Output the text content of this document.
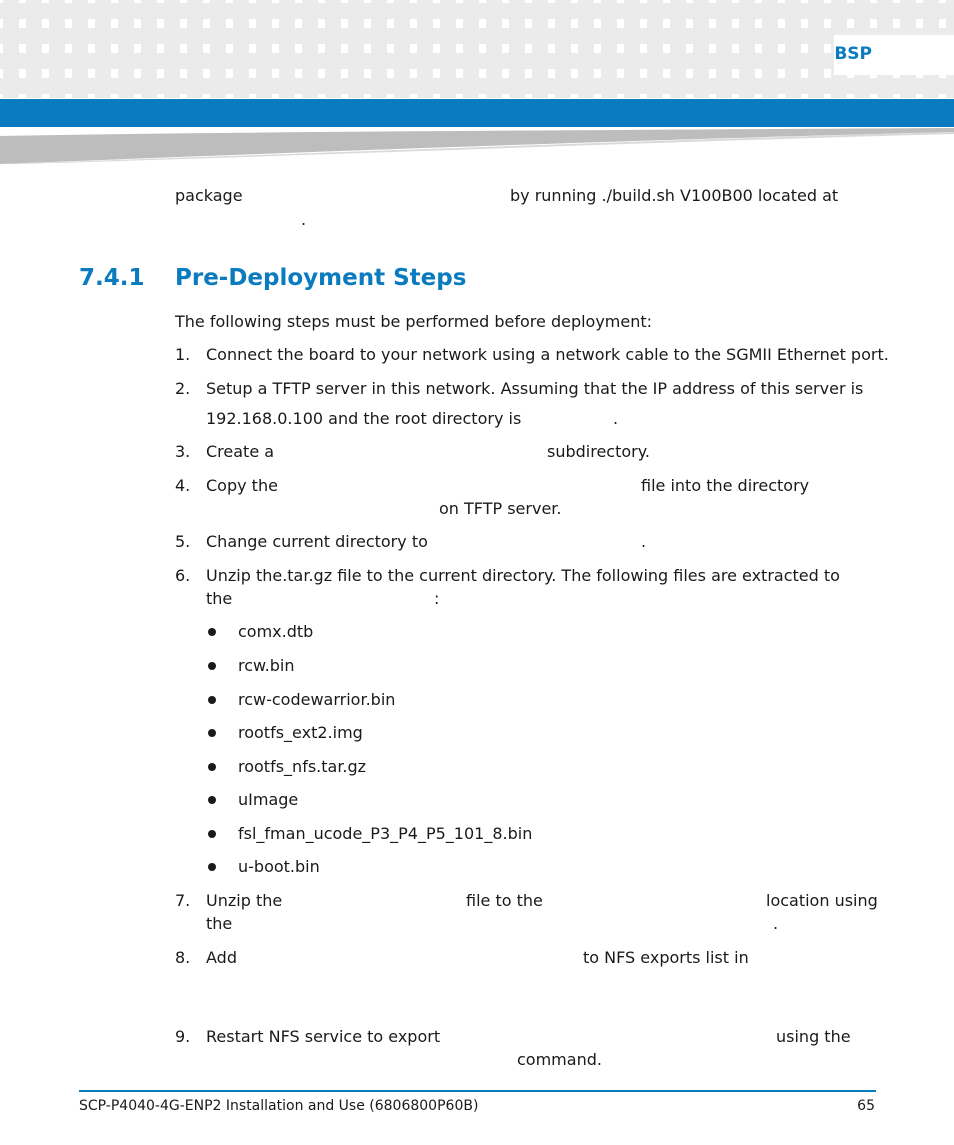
BSP
package	by running ./build.sh V100B00 located at
.
7.4.1 Pre-Deployment Steps
The following steps must be performed before deployment:
1. Connect the board to your network using a network cable to the SGMII Ethernet port.
2. Setup a TFTP server in this network. Assuming that the IP address of this server is
192.168.0.100 and the root directory is	.
3. Create a	subdirectory.
4. Copy the	file into the directory
on TFTP server.
5. Change current directory to	.
6. Unzip the.tar.gz file to the current directory. The following files are extracted to
the	:
comx.dtb
rcw.bin
rcw-codewarrior.bin
rootfs_ext2.img
rootfs_nfs.tar.gz
uImage
fsl_fman_ucode_P3_P4_P5_101_8.bin
u-boot.bin
7. Unzip the	file to the	location using
the	.
8. Add	to NFS exports list in
9. Restart NFS service to export	using the
command.
SCP-P4040-4G-ENP2 Installation and Use (6806800P60B)	65
